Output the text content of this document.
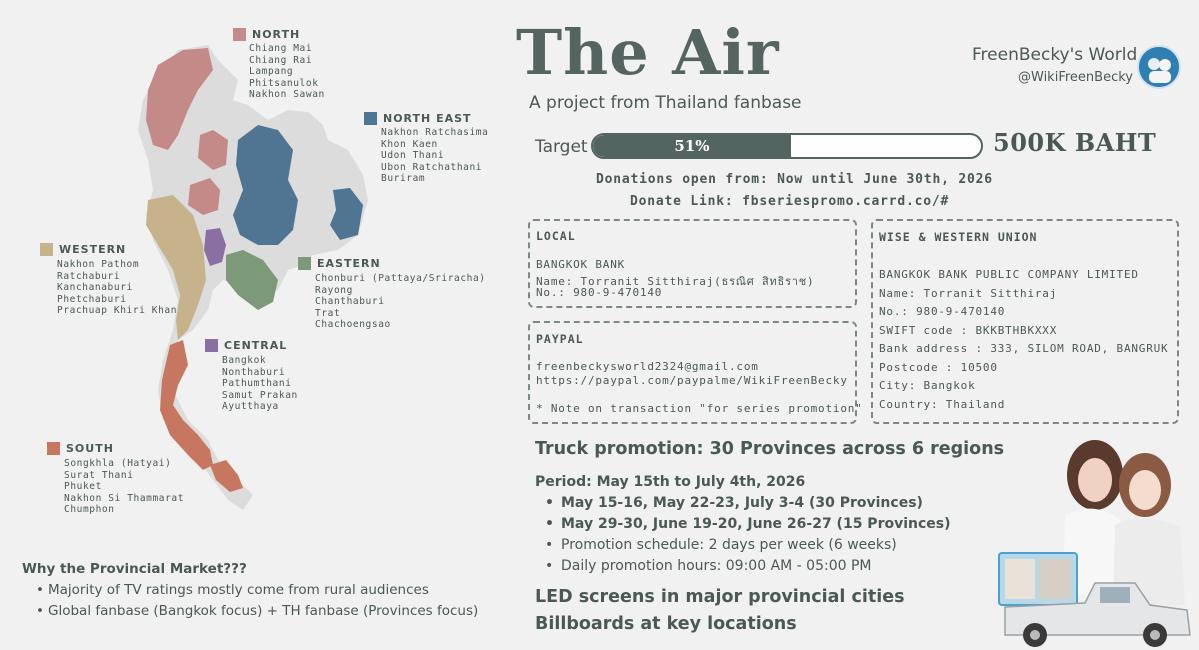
NORTH
Chiang Mai
Chiang Rai
Lampang
Phitsanulok
Nakhon Sawan
NORTH EAST
Nakhon Ratchasima
Khon Kaen
Udon Thani
Ubon Ratchathani
Buriram
WESTERN
Nakhon Pathom
Ratchaburi
Kanchanaburi
Phetchaburi
Prachuap Khiri Khan
EASTERN
Chonburi (Pattaya/Sriracha)
Rayong
Chanthaburi
Trat
Chachoengsao
CENTRAL
Bangkok
Nonthaburi
Pathumthani
Samut Prakan
Ayutthaya
SOUTH
Songkhla (Hatyai)
Surat Thani
Phuket
Nakhon Si Thammarat
Chumphon
Why the Provincial Market???
• Majority of TV ratings mostly come from rural audiences
• Global fanbase (Bangkok focus) + TH fanbase (Provinces focus)
The Air
A project from Thailand fanbase
FreenBecky's World
@WikiFreenBecky
Target	51%	500K BAHT
Donations open from: Now until June 30th, 2026
Donate Link: fbseriespromo.carrd.co/#
LOCAL
BANGKOK BANK
Name: Torranit Sitthiraj(ธรณิศ สิทธิราช)
No.: 980-9-470140
PAYPAL
freenbeckysworld2324@gmail.com
https://paypal.com/paypalme/WikiFreenBecky
* Note on transaction "for series promotion"
WISE & WESTERN UNION
BANGKOK BANK PUBLIC COMPANY LIMITED
Name: Torranit Sitthiraj
No.: 980-9-470140
SWIFT code : BKKBTHBKXXX
Bank address : 333, SILOM ROAD, BANGRUK
Postcode : 10500
City: Bangkok
Country: Thailand
Truck promotion: 30 Provinces across 6 regions
Period: May 15th to July 4th, 2026
• May 15-16, May 22-23, July 3-4 (30 Provinces)
• May 29-30, June 19-20, June 26-27 (15 Provinces)
• Promotion schedule: 2 days per week (6 weeks)
• Daily promotion hours: 09:00 AM - 05:00 PM
LED screens in major provincial cities
Billboards at key locations
